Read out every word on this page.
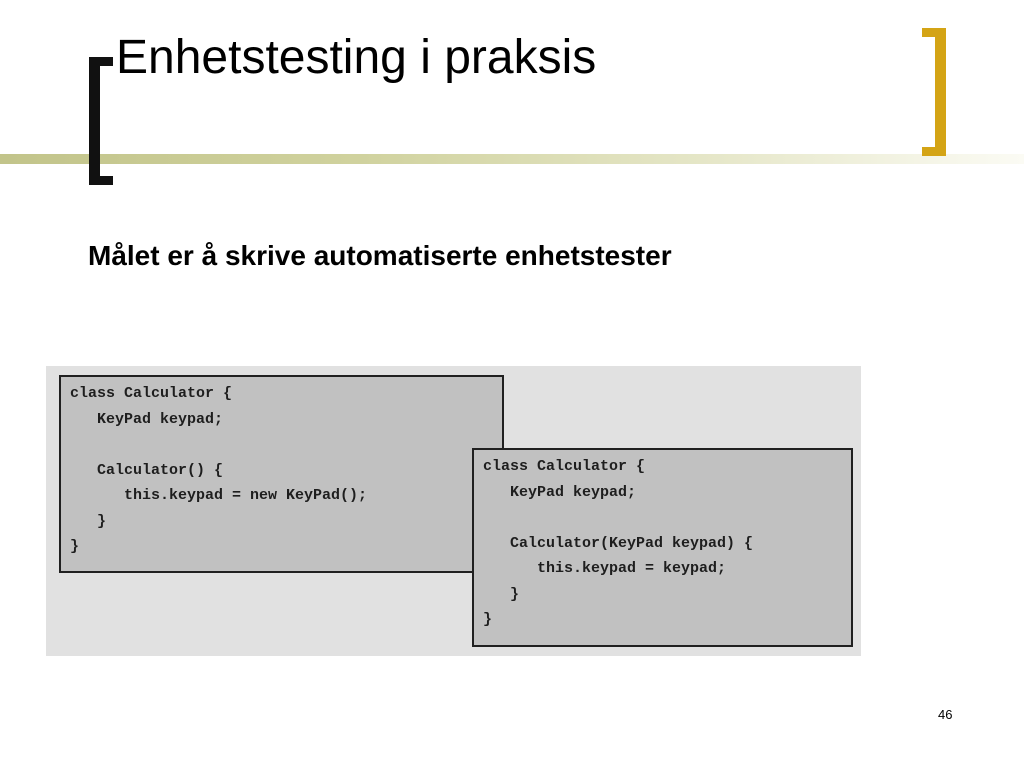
Enhetstesting i praksis
Målet er å skrive automatiserte enhetstester
class Calculator {
KeyPad keypad;

Calculator() {
this.keypad = new KeyPad();
}
}
class Calculator {
KeyPad keypad;

Calculator(KeyPad keypad) {
this.keypad = keypad;
}
}
46
